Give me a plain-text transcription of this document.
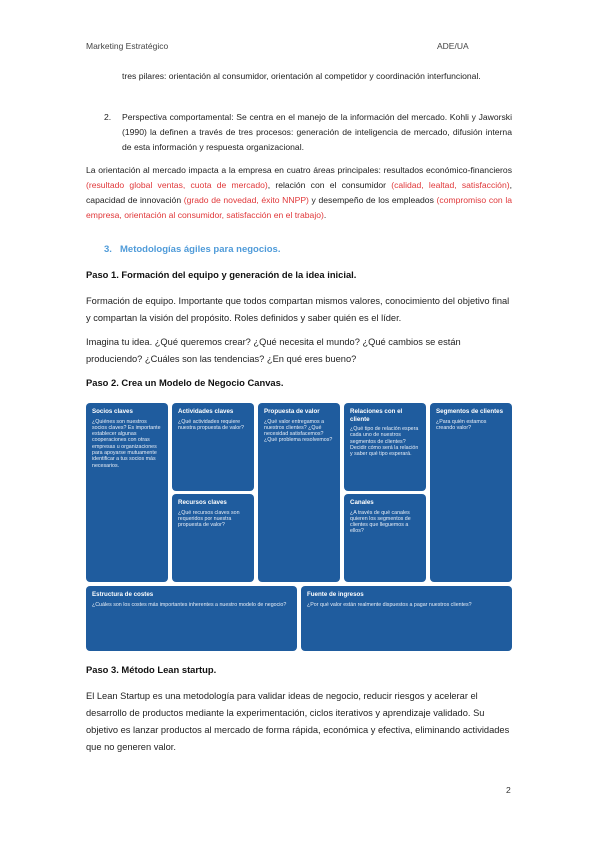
Marketing Estratégico	ADE/UA

tres pilares: orientación al consumidor, orientación al competidor y coordinación interfuncional.

2. Perspectiva comportamental: Se centra en el manejo de la información del mercado. Kohli y Jaworski (1990) la definen a través de tres procesos: generación de inteligencia de mercado, difusión interna de esta información y respuesta organizacional.

La orientación al mercado impacta a la empresa en cuatro áreas principales: resultados económico-financieros (resultado global ventas, cuota de mercado), relación con el consumidor (calidad, lealtad, satisfacción), capacidad de innovación (grado de novedad, éxito NNPP) y desempeño de los empleados (compromiso con la empresa, orientación al consumidor, satisfacción en el trabajo).

3. Metodologías ágiles para negocios.
Paso 1. Formación del equipo y generación de la idea inicial.

Formación de equipo. Importante que todos compartan mismos valores, conocimiento del objetivo final y compartan la visión del propósito. Roles definidos y saber quién es el líder.

Imagina tu idea. ¿Qué queremos crear? ¿Qué necesita el mundo? ¿Qué cambios se están produciendo? ¿Cuáles son las tendencias? ¿En qué eres bueno?

Paso 2. Crea un Modelo de Negocio Canvas.
Socios claves
¿Quiénes son nuestros socios claves? Es importante establecer algunas cooperaciones con otras empresas u organizaciones para apoyarse mutuamente identificar a tus socios más necesarios.
Actividades claves
¿Qué actividades requiere nuestra propuesta de valor?
Recursos claves
¿Qué recursos claves son requeridos por nuestra propuesta de valor?
Propuesta de valor
¿Qué valor entregamos a nuestros clientes? ¿Qué necesidad satisfacemos? ¿Qué problema resolvemos?
Relaciones con el cliente
¿Qué tipo de relación espera cada uno de nuestros segmentos de clientes? Decidir cómo será la relación y saber qué tipo esperará.
Canales
¿A través de qué canales quieren los segmentos de clientes que lleguemos a ellos?
Segmentos de clientes
¿Para quién estamos creando valor?
Estructura de costes
¿Cuáles son los costes más importantes inherentes a nuestro modelo de negocio?
Fuente de ingresos
¿Por qué valor están realmente dispuestos a pagar nuestros clientes?
Paso 3. Método Lean startup.

El Lean Startup es una metodología para validar ideas de negocio, reducir riesgos y acelerar el desarrollo de productos mediante la experimentación, ciclos iterativos y aprendizaje validado. Su objetivo es lanzar productos al mercado de forma rápida, económica y efectiva, eliminando actividades que no generen valor.

2
